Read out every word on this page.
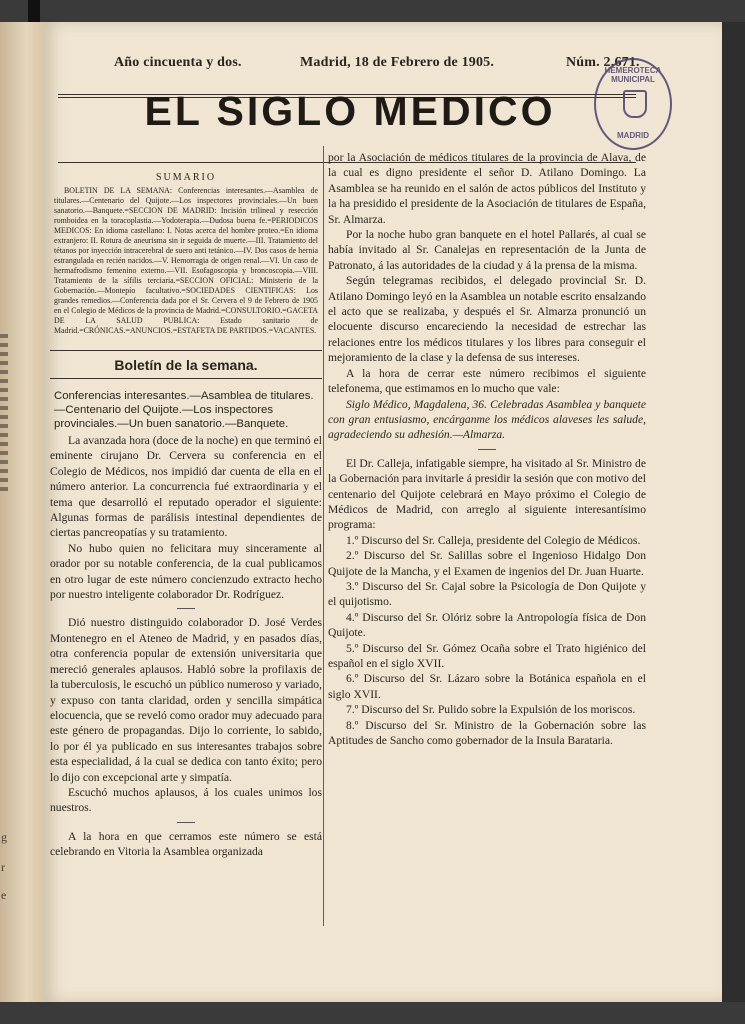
g
r
e
Año cincuenta y dos.	Madrid, 18 de Febrero de 1905.	Núm. 2.671.
EL SIGLO MEDICO
HEMEROTECA MUNICIPAL
MADRID
SUMARIO
BOLETIN DE LA SEMANA: Conferencias interesantes.—Asamblea de titulares.—Centenario del Quijote.—Los inspectores provinciales.—Un buen sanatorio.—Banquete.=SECCION DE MADRID: Incisión trilineal y resección romboidea en la toracoplastia.—Yodoterapia.—Dudosa buena fe.=PERIODICOS MEDICOS: En idioma castellano: I. Notas acerca del hombre proteo.=En idioma extranjero: II. Rotura de aneurisma sin ir seguida de muerte.—III. Tratamiento del tétanos por inyección intracerebral de suero anti tetánico.—IV. Dos casos de hernia estrangulada en recién nacidos.—V. Hemorragia de origen renal.—VI. Un caso de hermafrodismo femenino externo.—VII. Esofagoscopia y broncoscopia.—VIII. Tratamiento de la sífilis terciaria.=SECCION OFICIAL: Ministerio de la Gobernación.—Montepío facultativo.=SOCIEDADES CIENTIFICAS: Los grandes remedios.—Conferencia dada por el Sr. Cervera el 9 de Febrero de 1905 en el Colegio de Médicos de la provincia de Madrid.=CONSULTORIO.=GACETA DE LA SALUD PUBLICA: Estado sanitario de Madrid.=CRÓNICAS.=ANUNCIOS.=ESTAFETA DE PARTIDOS.=VACANTES.
Boletín de la semana.

Conferencias interesantes.—Asamblea de titulares.—Centenario del Quijote.—Los inspectores provinciales.—Un buen sanatorio.—Banquete.

La avanzada hora (doce de la noche) en que terminó el eminente cirujano Dr. Cervera su conferencia en el Colegio de Médicos, nos impidió dar cuenta de ella en el número anterior. La concurrencia fué extraordinaria y el tema que desarrolló el reputado operador el siguiente: Algunas formas de parálisis intestinal dependientes de ciertas pancreopatías y su tratamiento.

No hubo quien no felicitara muy sinceramente al orador por su notable conferencia, de la cual publicamos en otro lugar de este número concienzudo extracto hecho por nuestro inteligente colaborador Dr. Rodríguez.

Dió nuestro distinguido colaborador D. José Verdes Montenegro en el Ateneo de Madrid, y en pasados días, otra conferencia popular de extensión universitaria que mereció generales aplausos. Habló sobre la profilaxis de la tuberculosis, le escuchó un público numeroso y variado, y expuso con tanta claridad, orden y sencilla simpática elocuencia, que se reveló como orador muy adecuado para este género de propagandas. Dijo lo corriente, lo sabido, lo por él ya publicado en sus interesantes trabajos sobre esta especialidad, á la cual se dedica con tanto éxito; pero lo dijo con excepcional arte y simpatía.

Escuchó muchos aplausos, á los cuales unimos los nuestros.

A la hora en que cerramos este número se está celebrando en Vitoria la Asamblea organizada

por la Asociación de médicos titulares de la provincia de Alava, de la cual es digno presidente el señor D. Atilano Domingo. La Asamblea se ha reunido en el salón de actos públicos del Instituto y la ha presidido el presidente de la Asociación de titulares de España, Sr. Almarza.

Por la noche hubo gran banquete en el hotel Pallarés, al cual se había invitado al Sr. Canalejas en representación de la Junta de Patronato, á las autoridades de la ciudad y á la prensa de la misma.

Según telegramas recibidos, el delegado provincial Sr. D. Atilano Domingo leyó en la Asamblea un notable escrito ensalzando el acto que se realizaba, y después el Sr. Almarza pronunció un elocuente discurso encareciendo la necesidad de estrechar las relaciones entre los médicos titulares y los libres para conseguir el mejoramiento de la clase y la defensa de sus intereses.

A la hora de cerrar este número recibimos el siguiente telefonema, que estimamos en lo mucho que vale:

Siglo Médico, Magdalena, 36. Celebradas Asamblea y banquete con gran entusiasmo, encárganme los médicos alaveses les salude, agradeciendo su adhesión.—Almarza.

El Dr. Calleja, infatigable siempre, ha visitado al Sr. Ministro de la Gobernación para invitarle á presidir la sesión que con motivo del centenario del Quijote celebrará en Mayo próximo el Colegio de Médicos de Madrid, con arreglo al siguiente interesantísimo programa:

1.º Discurso del Sr. Calleja, presidente del Colegio de Médicos.

2.º Discurso del Sr. Salillas sobre el Ingenioso Hidalgo Don Quijote de la Mancha, y el Examen de ingenios del Dr. Juan Huarte.

3.º Discurso del Sr. Cajal sobre la Psicología de Don Quijote y el quijotismo.

4.º Discurso del Sr. Olóriz sobre la Antropología física de Don Quijote.

5.º Discurso del Sr. Gómez Ocaña sobre el Trato higiénico del español en el siglo XVII.

6.º Discurso del Sr. Lázaro sobre la Botánica española en el siglo XVII.

7.º Discurso del Sr. Pulido sobre la Expulsión de los moriscos.

8.º Discurso del Sr. Ministro de la Gobernación sobre las Aptitudes de Sancho como gobernador de la Insula Barataria.
